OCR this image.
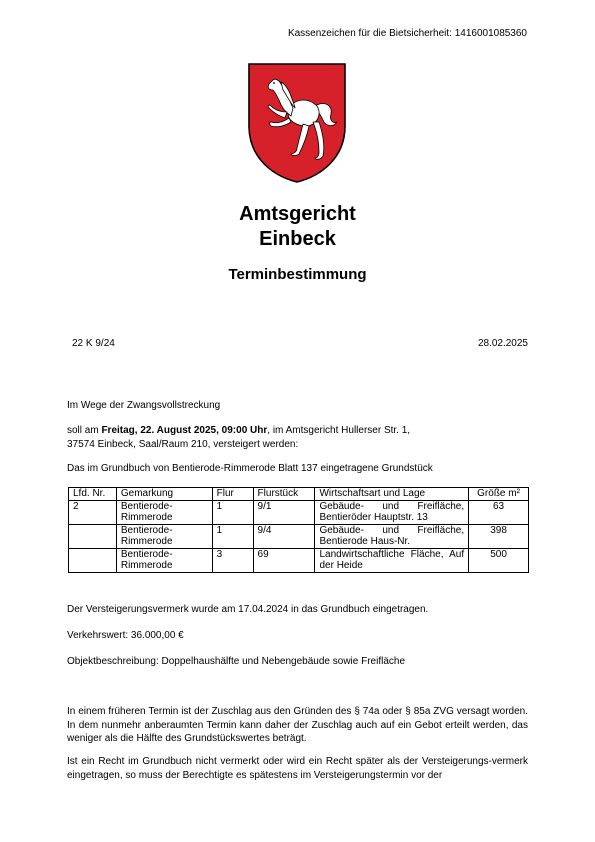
Kassenzeichen für die Bietsicherheit: 1416001085360
Amtsgericht
Einbeck
Terminbestimmung
22 K 9/24	28.02.2025
Im Wege der Zwangsvollstreckung
soll am Freitag, 22. August 2025, 09:00 Uhr, im Amtsgericht Hullerser Str. 1,
37574 Einbeck, Saal/Raum 210, versteigert werden:
Das im Grundbuch von Bentierode-Rimmerode Blatt 137 eingetragene Grundstück
Lfd. Nr.	Gemarkung	Flur	Flurstück	Wirtschaftsart und Lage	Größe m²
2	Bentierode-Rimmerode	1	9/1	Gebäude- und Freifläche, Bentieröder Hauptstr. 13	63
	Bentierode-Rimmerode	1	9/4	Gebäude- und Freifläche, Bentierode Haus-Nr.	398
	Bentierode-Rimmerode	3	69	Landwirtschaftliche Fläche, Auf der Heide	500
Der Versteigerungsvermerk wurde am 17.04.2024 in das Grundbuch eingetragen.
Verkehrswert: 36.000,00 €
Objektbeschreibung: Doppelhaushälfte und Nebengebäude sowie Freifläche
In einem früheren Termin ist der Zuschlag aus den Gründen des § 74a oder § 85a ZVG versagt worden. In dem nunmehr anberaumten Termin kann daher der Zuschlag auch auf ein Gebot erteilt werden, das weniger als die Hälfte des Grundstückswertes beträgt.
Ist ein Recht im Grundbuch nicht vermerkt oder wird ein Recht später als der Versteigerungs-vermerk eingetragen, so muss der Berechtigte es spätestens im Versteigerungstermin vor der
